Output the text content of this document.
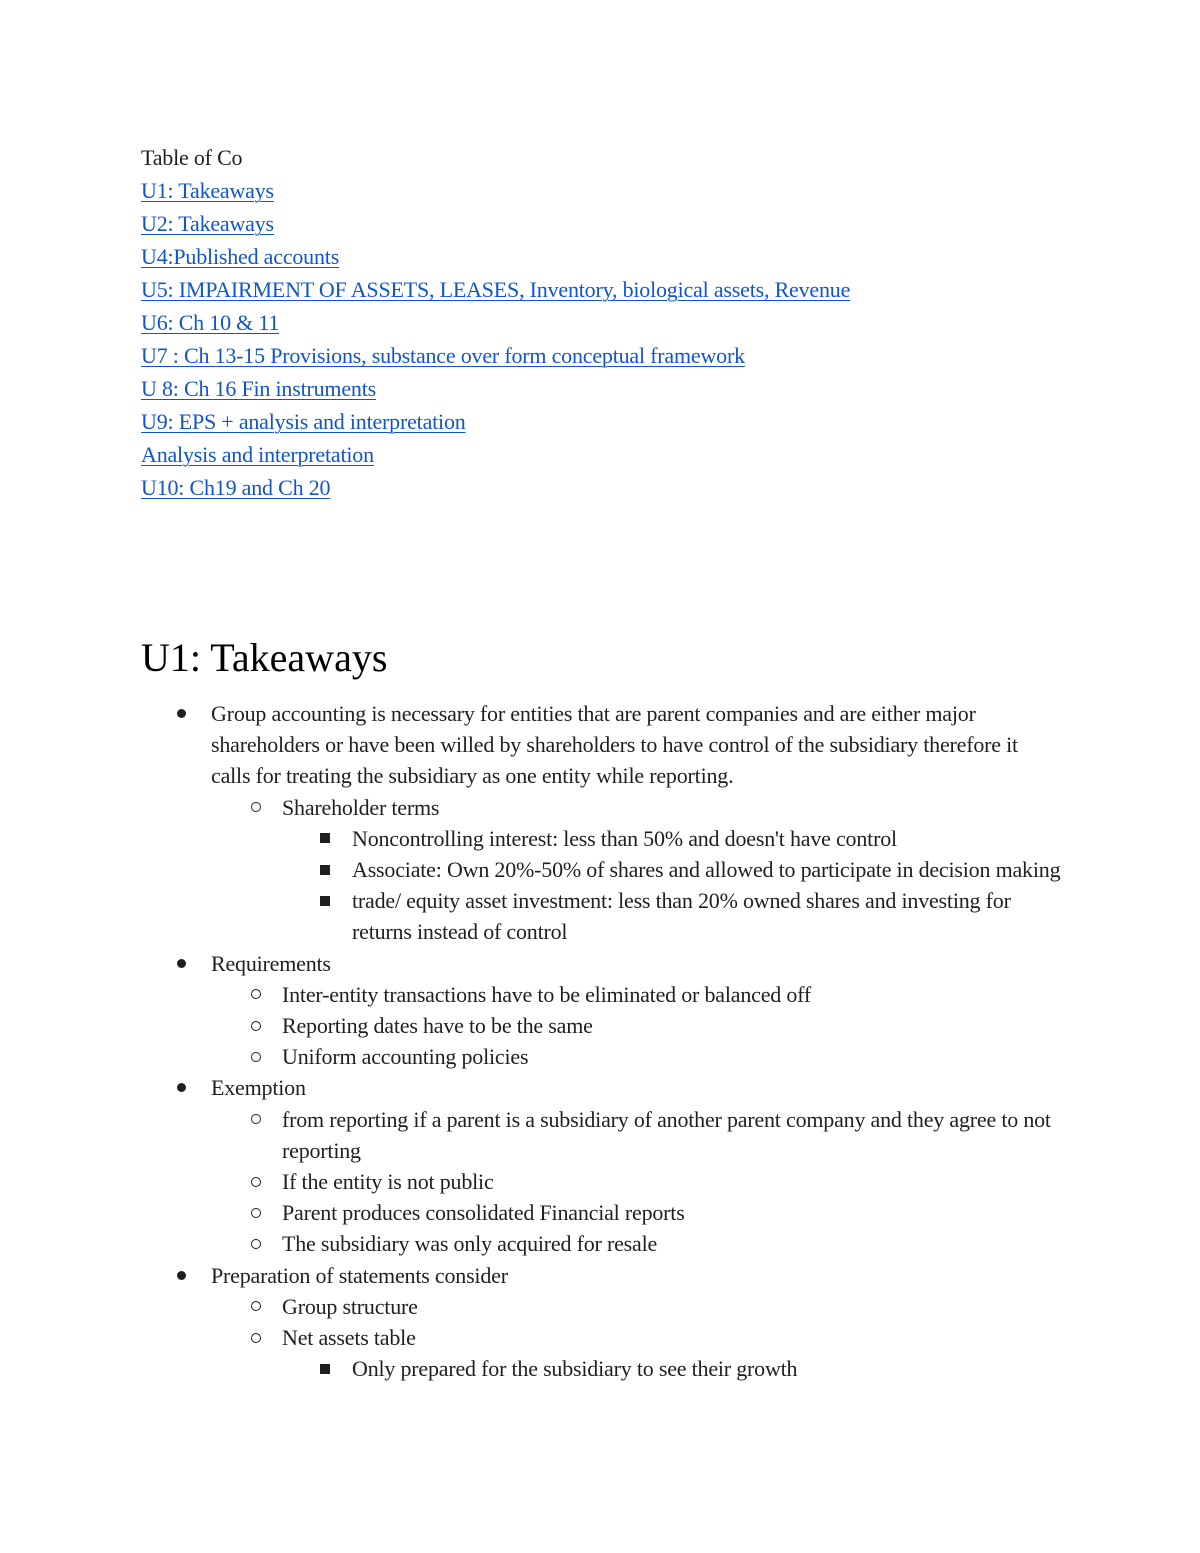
Table of Co
U1: Takeaways
U2: Takeaways
U4:Published accounts
U5: IMPAIRMENT OF ASSETS, LEASES, Inventory, biological assets, Revenue
U6: Ch 10 & 11
U7 : Ch 13-15 Provisions, substance over form conceptual framework
U 8: Ch 16 Fin instruments
U9: EPS + analysis and interpretation
Analysis and interpretation
U10: Ch19 and Ch 20
U1: Takeaways
Group accounting is necessary for entities that are parent companies and are either major shareholders or have been willed by shareholders to have control of the subsidiary therefore it calls for treating the subsidiary as one entity while reporting.
Shareholder terms
Noncontrolling interest: less than 50% and doesn't have control
Associate: Own 20%-50% of shares and allowed to participate in decision making
trade/ equity asset investment: less than 20% owned shares and investing for returns instead of control
Requirements
Inter-entity transactions have to be eliminated or balanced off
Reporting dates have to be the same
Uniform accounting policies
Exemption
from reporting if a parent is a subsidiary of another parent company and they agree to not reporting
If the entity is not public
Parent produces consolidated Financial reports
The subsidiary was only acquired for resale
Preparation of statements consider
Group structure
Net assets table
Only prepared for the subsidiary to see their growth
